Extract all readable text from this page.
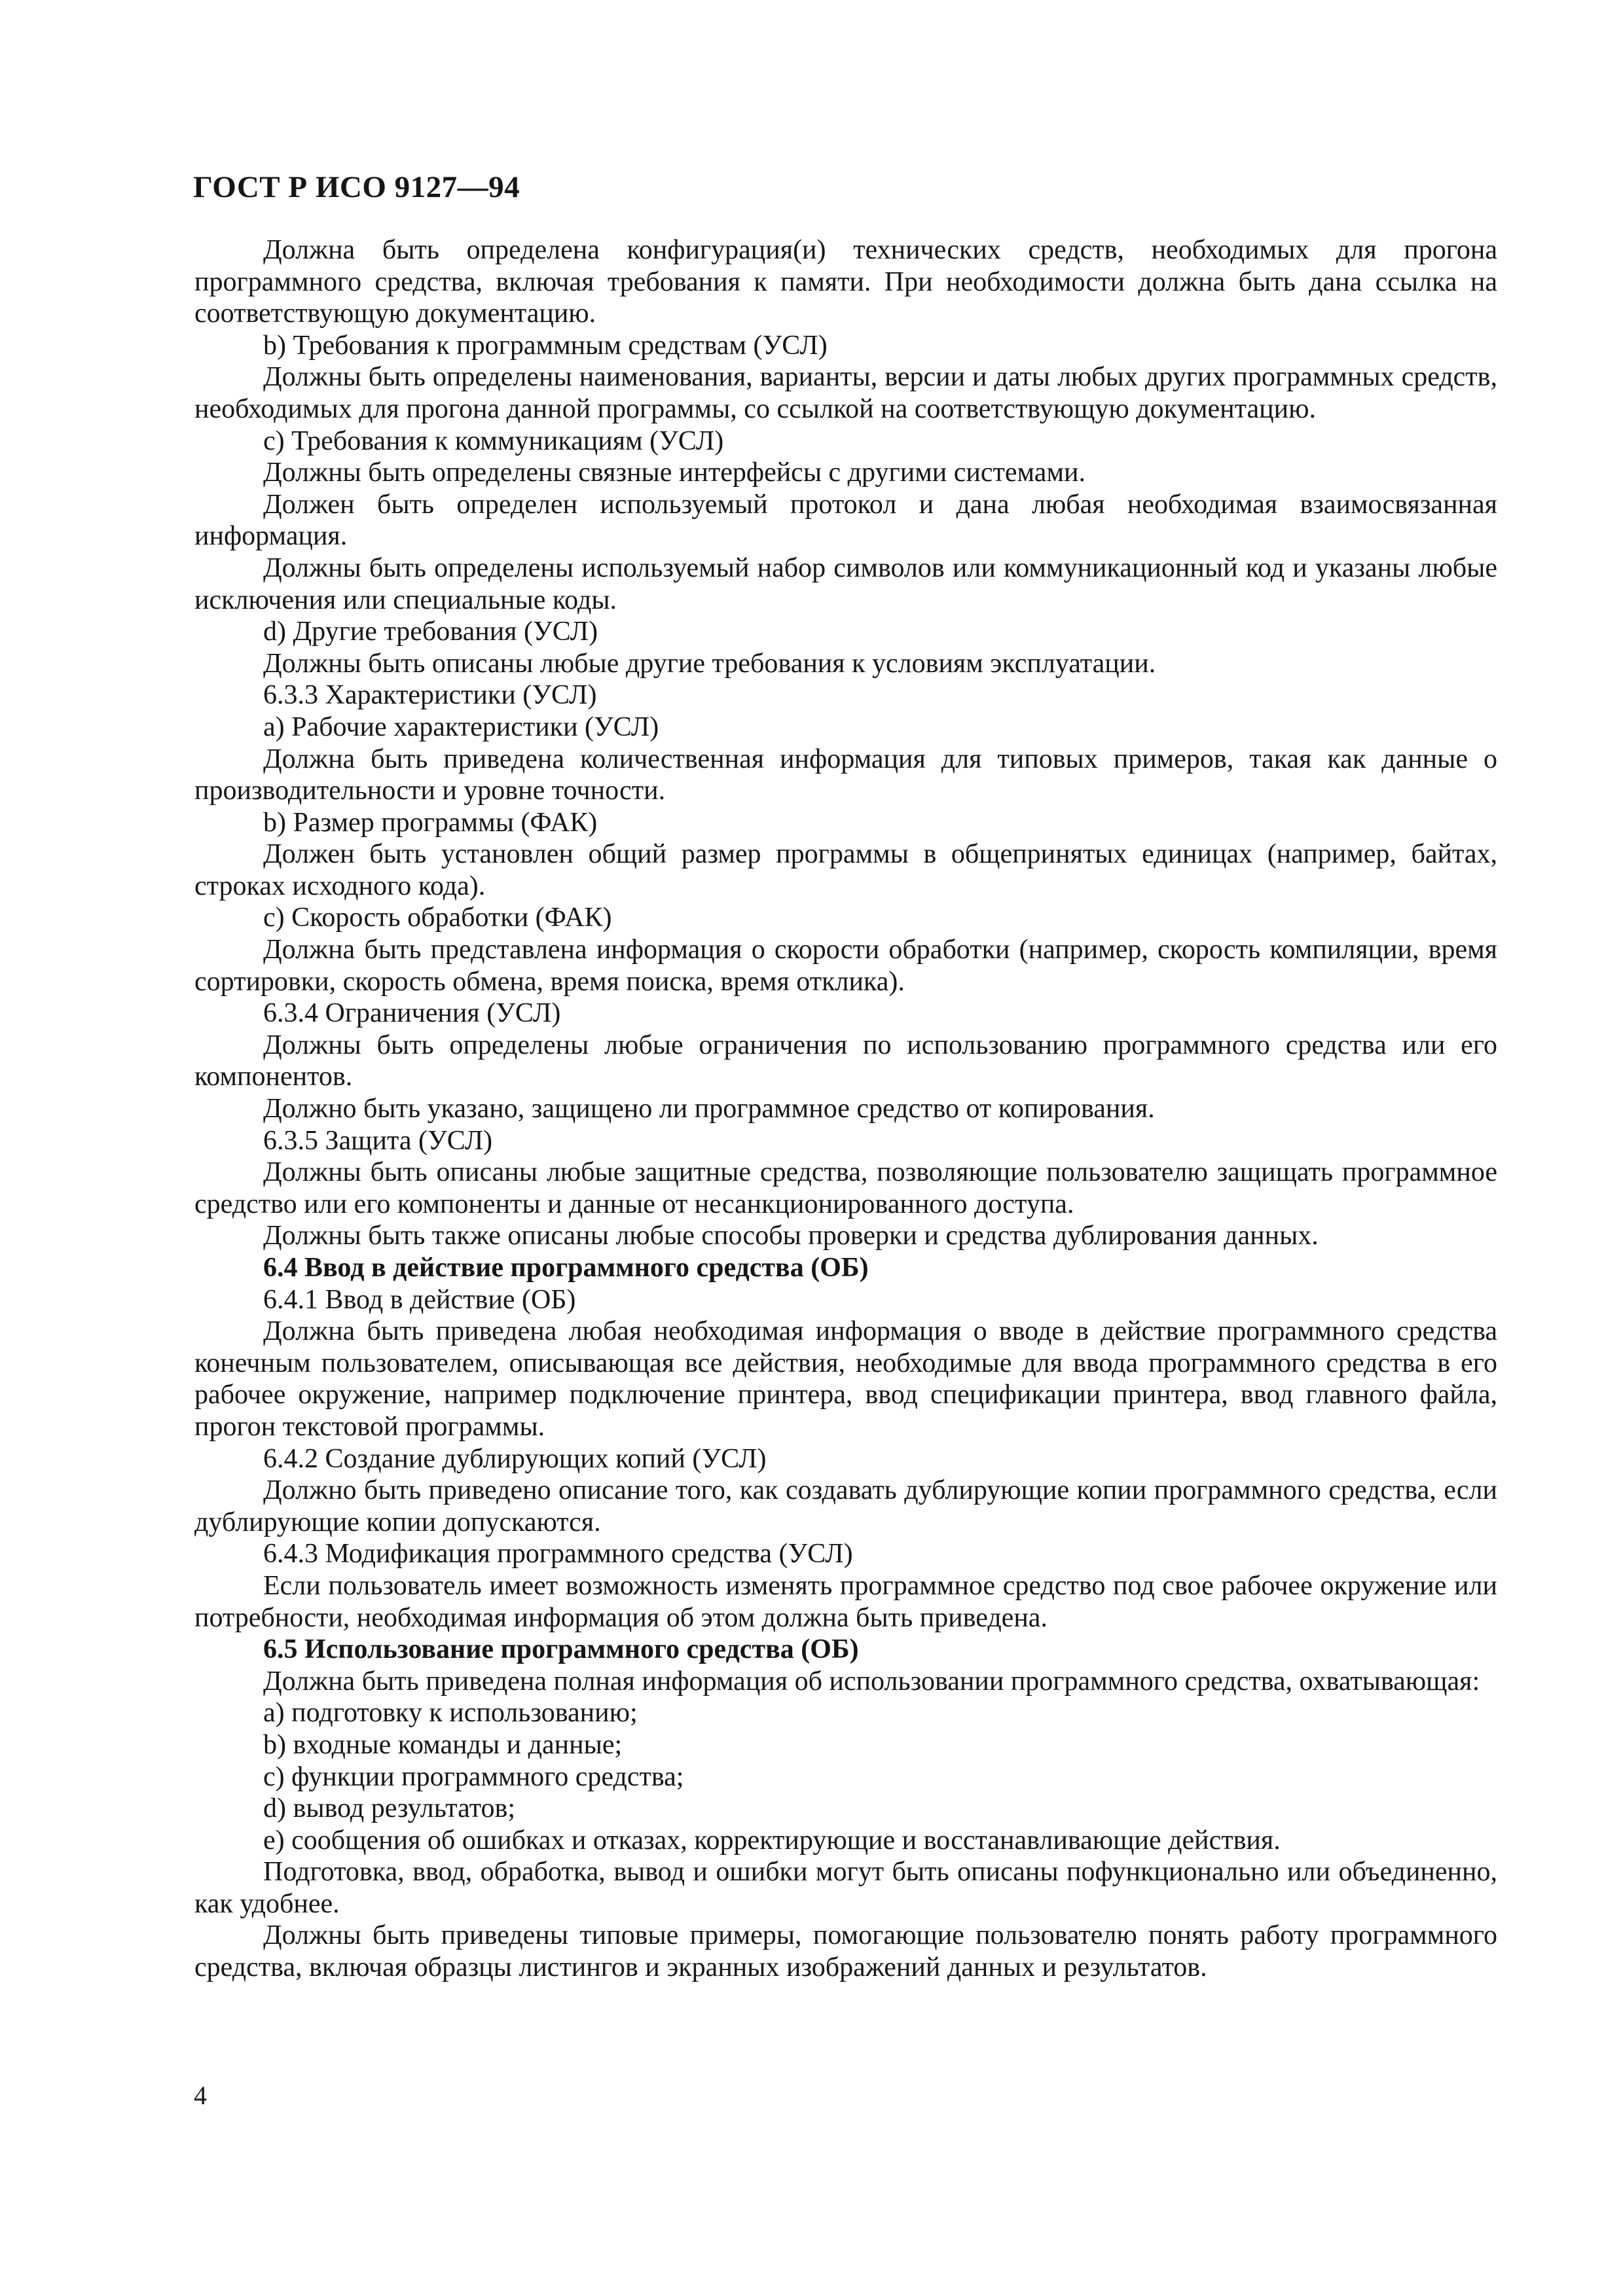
ГОСТ Р ИСО 9127—94

Должна быть определена конфигурация(и) технических средств, необходимых для прогона программного средства, включая требования к памяти. При необходимости должна быть дана ссылка на соответствующую документацию.

b) Требования к программным средствам (УСЛ)

Должны быть определены наименования, варианты, версии и даты любых других программных средств, необходимых для прогона данной программы, со ссылкой на соответствующую документацию.

c) Требования к коммуникациям (УСЛ)

Должны быть определены связные интерфейсы с другими системами.

Должен быть определен используемый протокол и дана любая необходимая взаимосвязанная информация.

Должны быть определены используемый набор символов или коммуникационный код и указаны любые исключения или специальные коды.

d) Другие требования (УСЛ)

Должны быть описаны любые другие требования к условиям эксплуатации.

6.3.3 Характеристики (УСЛ)

a) Рабочие характеристики (УСЛ)

Должна быть приведена количественная информация для типовых примеров, такая как данные о производительности и уровне точности.

b) Размер программы (ФАК)

Должен быть установлен общий размер программы в общепринятых единицах (например, байтах, строках исходного кода).

c) Скорость обработки (ФАК)

Должна быть представлена информация о скорости обработки (например, скорость компиляции, время сортировки, скорость обмена, время поиска, время отклика).

6.3.4 Ограничения (УСЛ)

Должны быть определены любые ограничения по использованию программного средства или его компонентов.

Должно быть указано, защищено ли программное средство от копирования.

6.3.5 Защита (УСЛ)

Должны быть описаны любые защитные средства, позволяющие пользователю защищать программное средство или его компоненты и данные от несанкционированного доступа.

Должны быть также описаны любые способы проверки и средства дублирования данных.

6.4 Ввод в действие программного средства (ОБ)

6.4.1 Ввод в действие (ОБ)

Должна быть приведена любая необходимая информация о вводе в действие программного средства конечным пользователем, описывающая все действия, необходимые для ввода программного средства в его рабочее окружение, например подключение принтера, ввод спецификации принтера, ввод главного файла, прогон текстовой программы.

6.4.2 Создание дублирующих копий (УСЛ)

Должно быть приведено описание того, как создавать дублирующие копии программного средства, если дублирующие копии допускаются.

6.4.3 Модификация программного средства (УСЛ)

Если пользователь имеет возможность изменять программное средство под свое рабочее окружение или потребности, необходимая информация об этом должна быть приведена.

6.5 Использование программного средства (ОБ)

Должна быть приведена полная информация об использовании программного средства, охватывающая:

a) подготовку к использованию;

b) входные команды и данные;

c) функции программного средства;

d) вывод результатов;

e) сообщения об ошибках и отказах, корректирующие и восстанавливающие действия.

Подготовка, ввод, обработка, вывод и ошибки могут быть описаны пофункционально или объединенно, как удобнее.

Должны быть приведены типовые примеры, помогающие пользователю понять работу программного средства, включая образцы листингов и экранных изображений данных и результатов.

4
